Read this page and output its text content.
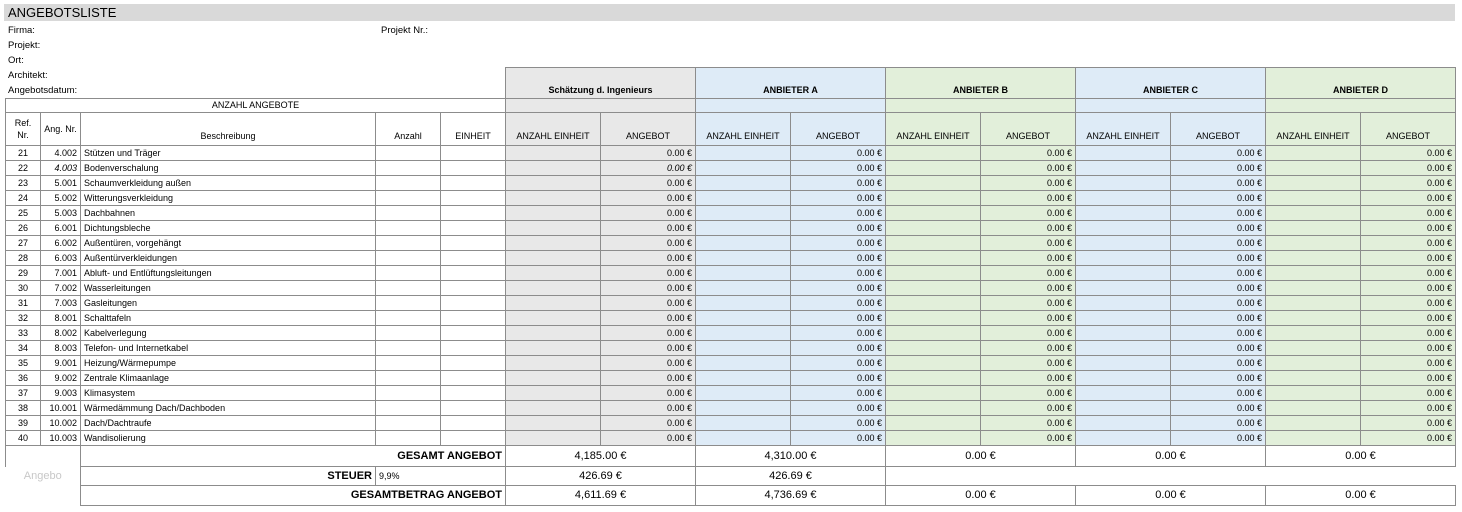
ANGEBOTSLISTE
Firma:	Projekt Nr.:
Projekt:
Ort:
Architekt:
Angebotsdatum:

					Schätzung d. Ingenieurs		ANBIETER A		ANBIETER B		ANBIETER C		ANBIETER D	
ANZAHL ANGEBOTE														
Ref. Nr.	Ang. Nr.	Beschreibung	Anzahl	EINHEIT	ANZAHL EINHEIT	ANGEBOT	ANZAHL EINHEIT	ANGEBOT	ANZAHL EINHEIT	ANGEBOT	ANZAHL EINHEIT	ANGEBOT	ANZAHL EINHEIT	ANGEBOT
21	4.002	Stützen und Träger				0.00 €		0.00 €		0.00 €		0.00 €		0.00 €
22	4.003	Bodenverschalung				0.00 €		0.00 €		0.00 €		0.00 €		0.00 €
23	5.001	Schaumverkleidung außen				0.00 €		0.00 €		0.00 €		0.00 €		0.00 €
24	5.002	Witterungsverkleidung				0.00 €		0.00 €		0.00 €		0.00 €		0.00 €
25	5.003	Dachbahnen				0.00 €		0.00 €		0.00 €		0.00 €		0.00 €
26	6.001	Dichtungsbleche				0.00 €		0.00 €		0.00 €		0.00 €		0.00 €
27	6.002	Außentüren, vorgehängt				0.00 €		0.00 €		0.00 €		0.00 €		0.00 €
28	6.003	Außentürverkleidungen				0.00 €		0.00 €		0.00 €		0.00 €		0.00 €
29	7.001	Abluft- und Entlüftungsleitungen				0.00 €		0.00 €		0.00 €		0.00 €		0.00 €
30	7.002	Wasserleitungen				0.00 €		0.00 €		0.00 €		0.00 €		0.00 €
31	7.003	Gasleitungen				0.00 €		0.00 €		0.00 €		0.00 €		0.00 €
32	8.001	Schalttafeln				0.00 €		0.00 €		0.00 €		0.00 €		0.00 €
33	8.002	Kabelverlegung				0.00 €		0.00 €		0.00 €		0.00 €		0.00 €
34	8.003	Telefon- und Internetkabel				0.00 €		0.00 €		0.00 €		0.00 €		0.00 €
35	9.001	Heizung/Wärmepumpe				0.00 €		0.00 €		0.00 €		0.00 €		0.00 €
36	9.002	Zentrale Klimaanlage				0.00 €		0.00 €		0.00 €		0.00 €		0.00 €
37	9.003	Klimasystem				0.00 €		0.00 €		0.00 €		0.00 €		0.00 €
38	10.001	Wärmedämmung Dach/Dachboden				0.00 €		0.00 €		0.00 €		0.00 €		0.00 €
39	10.002	Dach/Dachtraufe				0.00 €		0.00 €		0.00 €		0.00 €		0.00 €
40	10.003	Wandisolierung				0.00 €		0.00 €		0.00 €		0.00 €		0.00 €
		GESAMT ANGEBOT			4,185.00 €		4,310.00 €		0.00 €		0.00 €		0.00 €	
Angebo		STEUER	9,9%		426.69 €		426.69 €							
		GESAMTBETRAG ANGEBOT			4,611.69 €		4,736.69 €		0.00 €		0.00 €		0.00 €	
